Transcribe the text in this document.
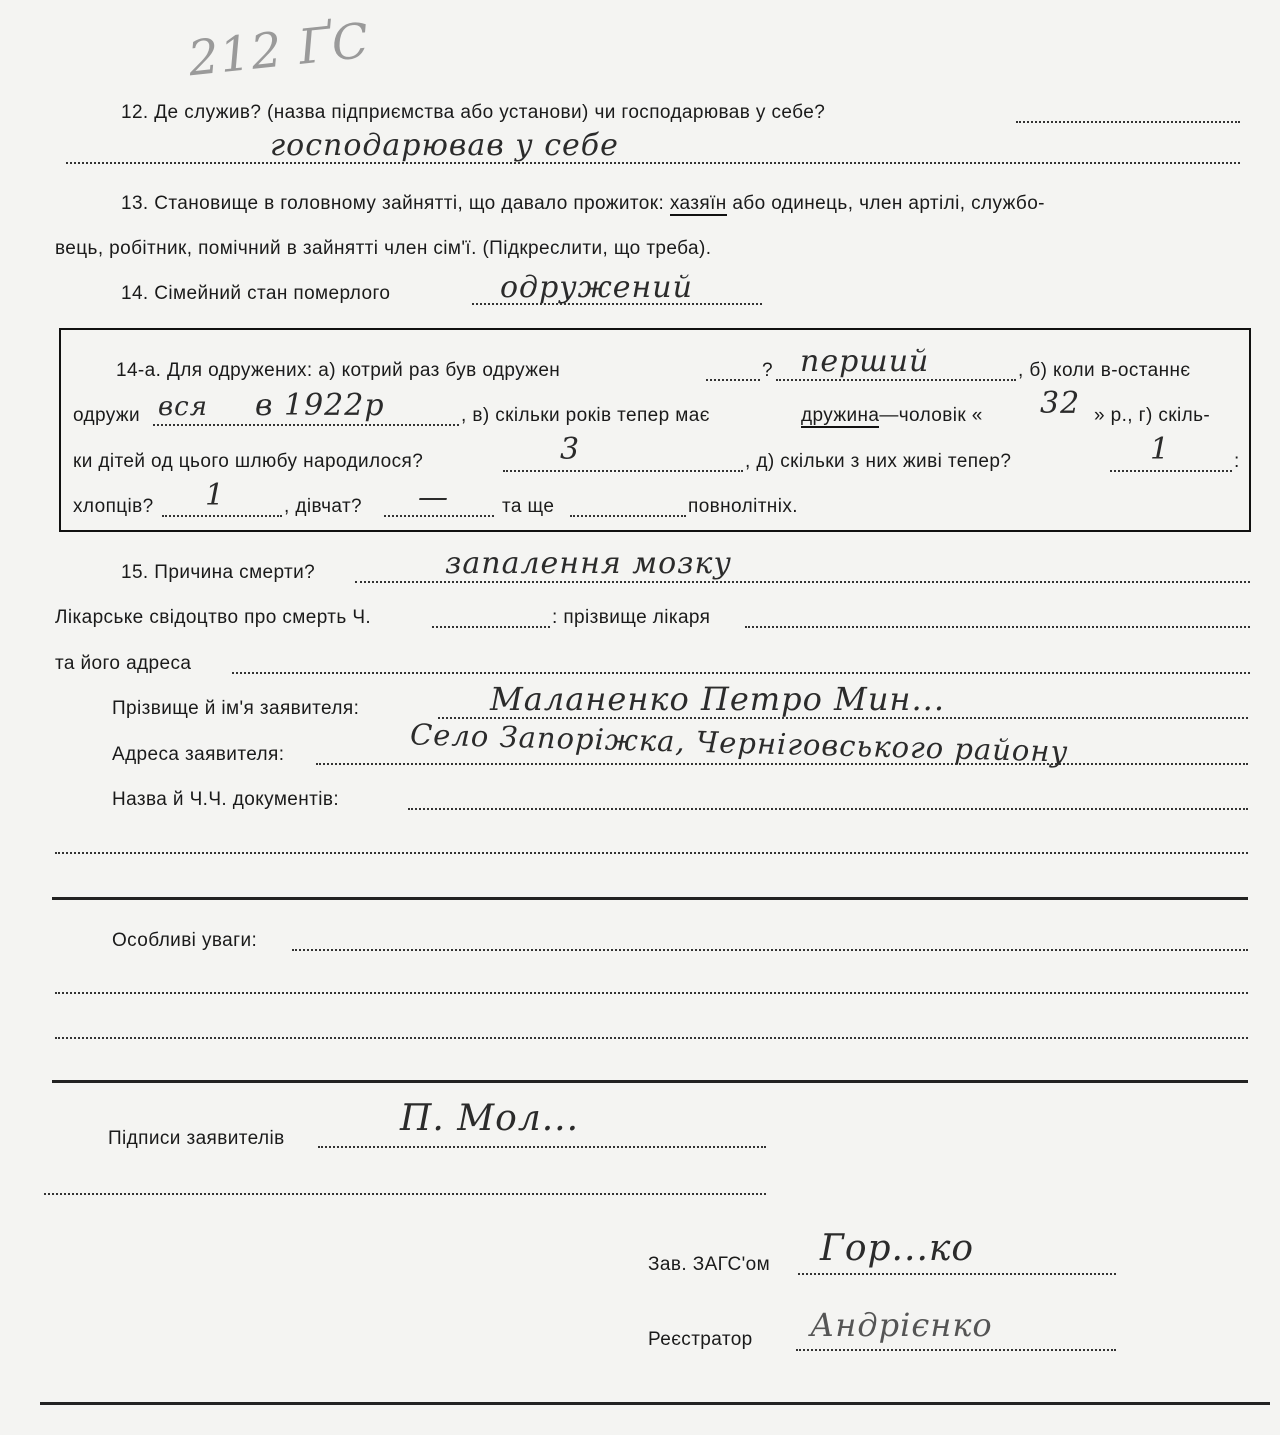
212 ҐС
12. Де служив? (назва підприємства або установи) чи господарював у себе?
господарював у себе
13. Становище в головному зайнятті, що давало прожиток: хазяїн або одинець, член артілі, службо-
вець, робітник, помічний в зайнятті член сім'ї. (Підкреслити, що треба).
14. Сімейний стан померлого	одружений
14-а. Для одружених: а) котрий раз був одружен	? перший	, б) коли в-останнє
одружи вся в 1922р	, в) скільки років тепер має	дружина—чоловік « 32 » р., г) скіль-
ки дітей од цього шлюбу народилося?	3	, д) скільки з них живі тепер?	1	:
хлопців? 1	, дівчат? —	та ще	повнолітніх.
15. Причина смерти?	запалення мозку
Лікарське свідоцтво про смерть Ч.	: прізвище лікаря
та його адреса
Прізвище й ім'я заявителя:	Маланенко Петро Мин...
Адреса заявителя:	Село Запоріжка, Черніговського району
Назва й Ч.Ч. документів:
Особливі уваги:
Підписи заявителів	П. Мол...
Зав. ЗАГС'ом Гор...ко
Реєстратор Андрієнко
